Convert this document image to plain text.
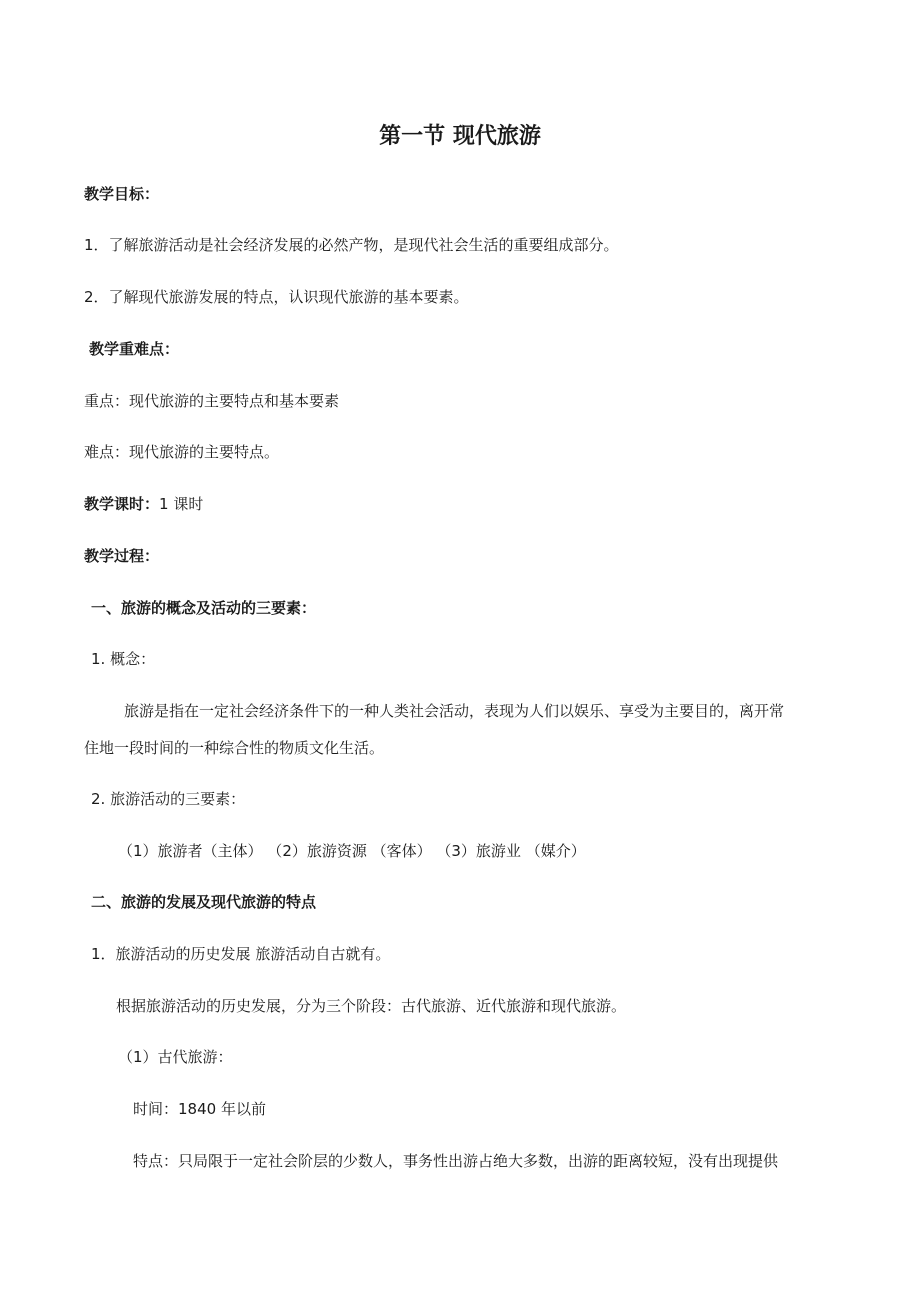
第一节 现代旅游
教学目标：
1．了解旅游活动是社会经济发展的必然产物，是现代社会生活的重要组成部分。
2．了解现代旅游发展的特点，认识现代旅游的基本要素。
教学重难点：
重点：现代旅游的主要特点和基本要素
难点：现代旅游的主要特点。
教学课时：1 课时
教学过程：
一、旅游的概念及活动的三要素：
1. 概念：
旅游是指在一定社会经济条件下的一种人类社会活动，表现为人们以娱乐、享受为主要目的，离开常
住地一段时间的一种综合性的物质文化生活。
2. 旅游活动的三要素：
（1）旅游者（主体） （2）旅游资源 （客体） （3）旅游业 （媒介）
二、旅游的发展及现代旅游的特点
1．旅游活动的历史发展 旅游活动自古就有。
根据旅游活动的历史发展，分为三个阶段：古代旅游、近代旅游和现代旅游。
（1）古代旅游：
时间：1840 年以前
特点：只局限于一定社会阶层的少数人，事务性出游占绝大多数，出游的距离较短，没有出现提供
